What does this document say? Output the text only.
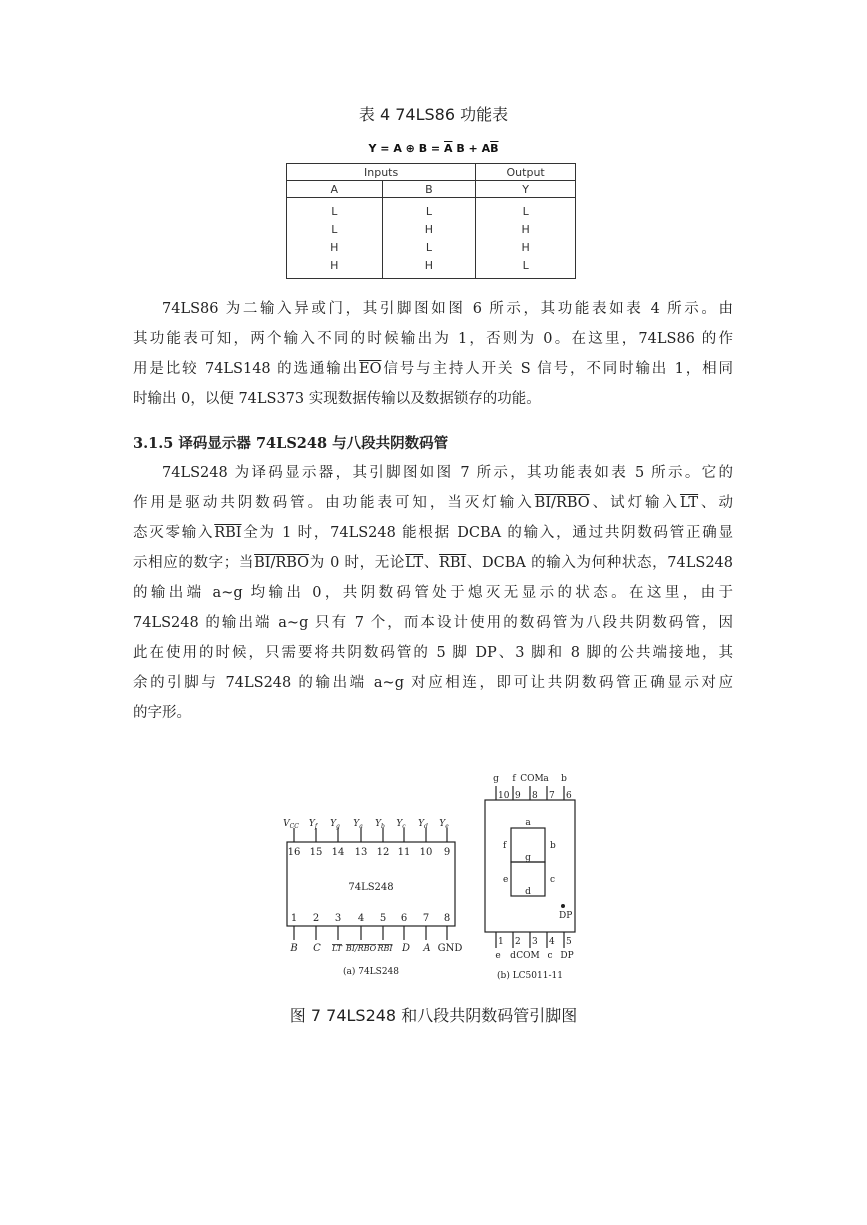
表 4 74LS86 功能表
Y = A ⊕ $B = \overline{A}$ $B + A\overline{B}$
Inputs		Output
A	B	Y
L	L	L
L	H	H
H	L	H
H	H	L

74LS86 为二输入异或门，其引脚图如图 6 所示，其功能表如表 4 所示。由

其功能表可知，两个输入不同的时候输出为 1，否则为 0。在这里，74LS86 的作

用是比较 74LS148 的选通输出$\overline{EO}$信号与主持人开关 S 信号，不同时输出 1，相同

时输出 0，以便 74LS373 实现数据传输以及数据锁存的功能。

3.1.5 译码显示器 74LS248 与八段共阴数码管

74LS248 为译码显示器，其引脚图如图 7 所示，其功能表如表 5 所示。它的

作用是驱动共阴数码管。由功能表可知，当灭灯输入BI/RBO、试灯输入$\overline{LT}$、动

态灭零输入$\overline{RBI}$全为 1 时，74LS248 能根据 DCBA 的输入，通过共阴数码管正确显

示相应的数字；当BI/RBO为 0 时，无论$\overline{LT}$、$\overline{RBI}$、DCBA 的输入为何种状态，74LS248

的输出端 a~g 均输出 0，共阴数码管处于熄灭无显示的状态。在这里，由于

74LS248 的输出端 a~g 只有 7 个，而本设计使用的数码管为八段共阴数码管，因

此在使用的时候，只需要将共阴数码管的 5 脚 DP、3 脚和 8 脚的公共端接地，其

余的引脚与 74LS248 的输出端 a~g 对应相连，即可让共阴数码管正确显示对应

的字形。

16
$V_{CC}$
15
$Y_f$
14
$Y_g$
13
$Y_a$
12
$Y_b$
11
$Y_c$
10
$Y_d$
9
$Y_e$
1 2 3 4 5 6 7 8
74LS248
B C LT BI/RBO RBI D A GND
(a) 74LS248
10 9 8 7 6
g f COM a b
1 2 3 4 5
e d COM c DP
a
b
c
d
e
f
g
DP
(b) LC5011-11
图 7 74LS248 和八段共阴数码管引脚图
